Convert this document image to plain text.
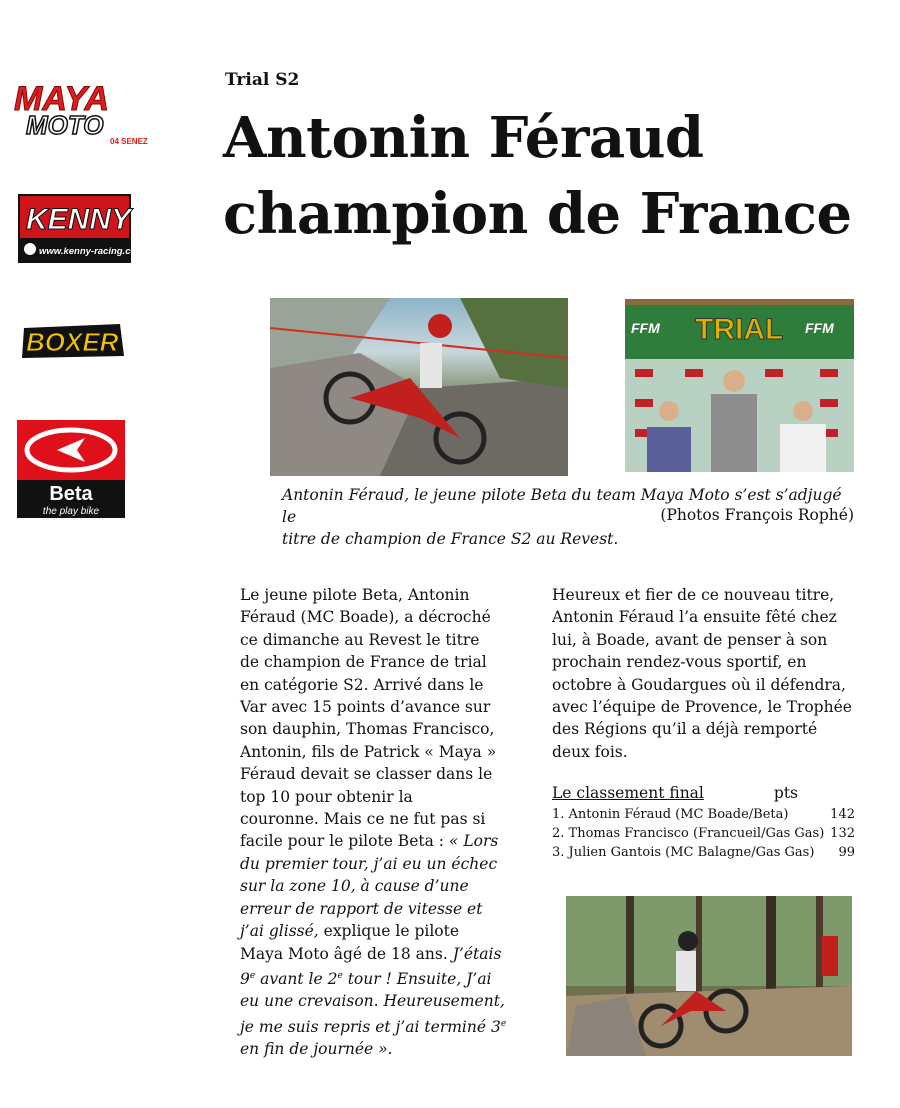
MAYA
MOTO
04 SENEZ
KENNY
www.kenny-racing.com
BOXER
Beta
the play bike
Trial S2
Antonin Féraud
champion de France
FFM TRIAL FFM
Antonin Féraud, le jeune pilote Beta du team Maya Moto s’est s’adjugé le
titre de champion de France S2 au Revest.
(Photos François Rophé)

Le jeune pilote Beta, Antonin

Féraud (MC Boade), a décroché

ce dimanche au Revest le titre

de champion de France de trial

en catégorie S2. Arrivé dans le

Var avec 15 points d’avance sur

son dauphin, Thomas Francisco,

Antonin, fils de Patrick « Maya »

Féraud devait se classer dans le

top 10 pour obtenir la

couronne. Mais ce ne fut pas si

facile pour le pilote Beta : « Lors

du premier tour, j’ai eu un échec

sur la zone 10, à cause d’une

erreur de rapport de vitesse et

j’ai glissé, explique le pilote

Maya Moto âgé de 18 ans. J’étais

9e avant le 2e tour ! Ensuite, J’ai

eu une crevaison. Heureusement,

je me suis repris et j’ai terminé 3e

en fin de journée ».

Heureux et fier de ce nouveau titre,

Antonin Féraud l’a ensuite fêté chez

lui, à Boade, avant de penser à son

prochain rendez-vous sportif, en

octobre à Goudargues où il défendra,

avec l’équipe de Provence, le Trophée

des Régions qu’il a déjà remporté

deux fois.

Le classement final	pts
1. Antonin Féraud (MC Boade/Beta)	142
2. Thomas Francisco (Francueil/Gas Gas) 132
3. Julien Gantois (MC Balagne/Gas Gas) 99
